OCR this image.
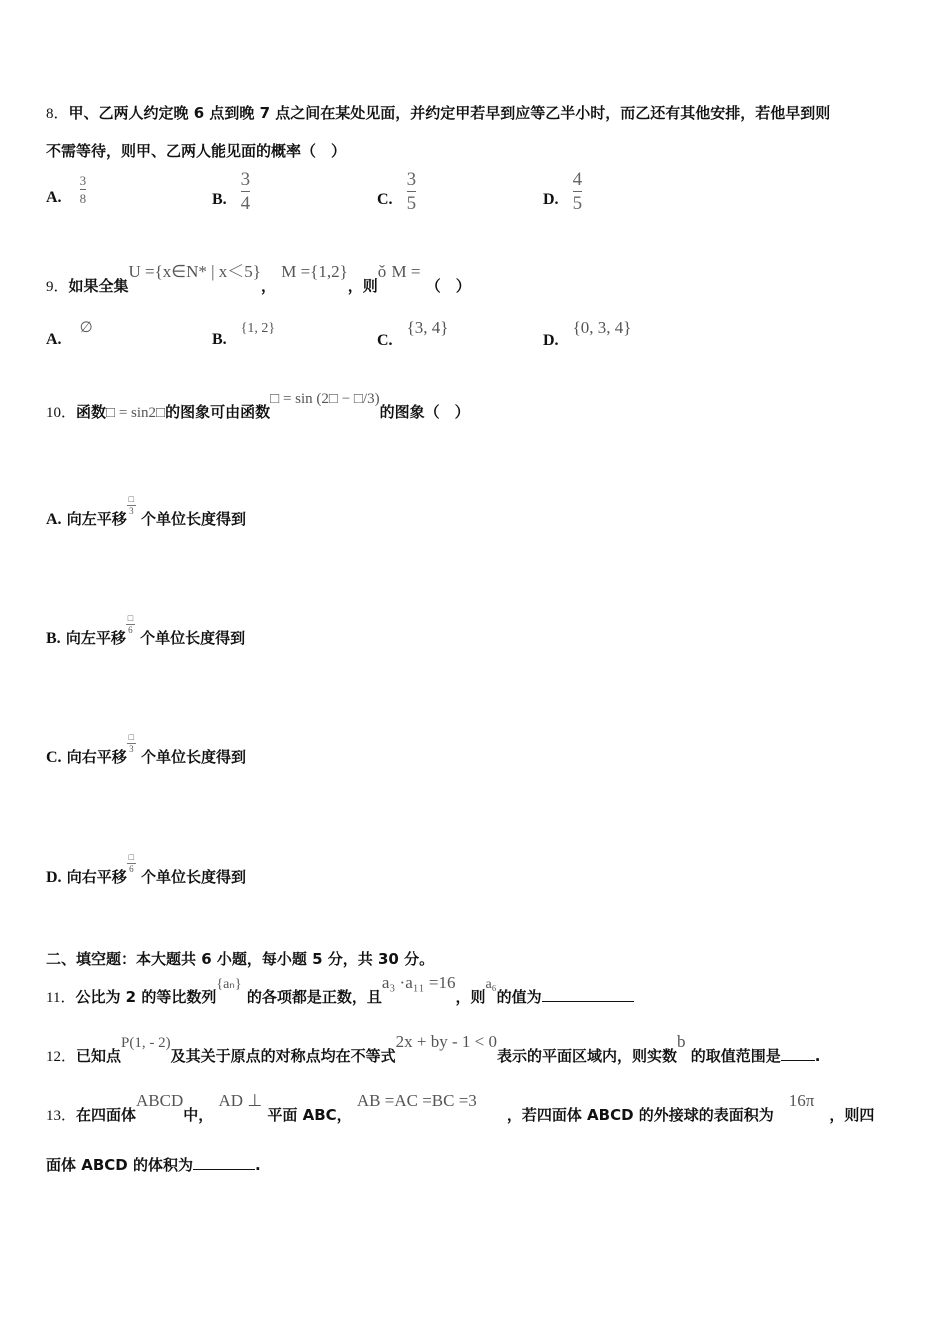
8．甲、乙两人约定晚 6 点到晚 7 点之间在某处见面，并约定甲若早到应等乙半小时，而乙还有其他安排，若他早到则
不需等待，则甲、乙两人能见面的概率（　）
A. $\frac{3}{8}$	B. $\frac{3}{4}$	C. $\frac{3}{5}$	D. $\frac{4}{5}$
9．如果全集U ={x∈N* | x＜5}， M ={1,2}，则ǒ M = （　）
A.∅
B.{1, 2}
C.{3, 4}
D.{0, 3, 4}
10．函数□ = sin2□的图象可由函数□ = sin (2□ − □/3)的图象（　）
A. 向左平移
□
3 个单位长度得到
B. 向左平移
□
6 个单位长度得到
C. 向右平移
□
3 个单位长度得到
D. 向右平移
□
6 个单位长度得到
二、填空题：本大题共 6 小题，每小题 5 分，共 30 分。
11．公比为 2 的等比数列{aₙ} 的各项都是正数，且a₃ ·a₁₁ =16，则a₆的值为
12．已知点P(1, - 2)及其关于原点的对称点均在不等式2x + by - 1 < 0表示的平面区域内，则实数b 的取值范围是 .
13．在四面体ABCD中， AD ⊥ 平面 ABC， AB =AC =BC =3　　，若四面体 ABCD 的外接球的表面积为　16π　，则四
面体 ABCD 的体积为	.
